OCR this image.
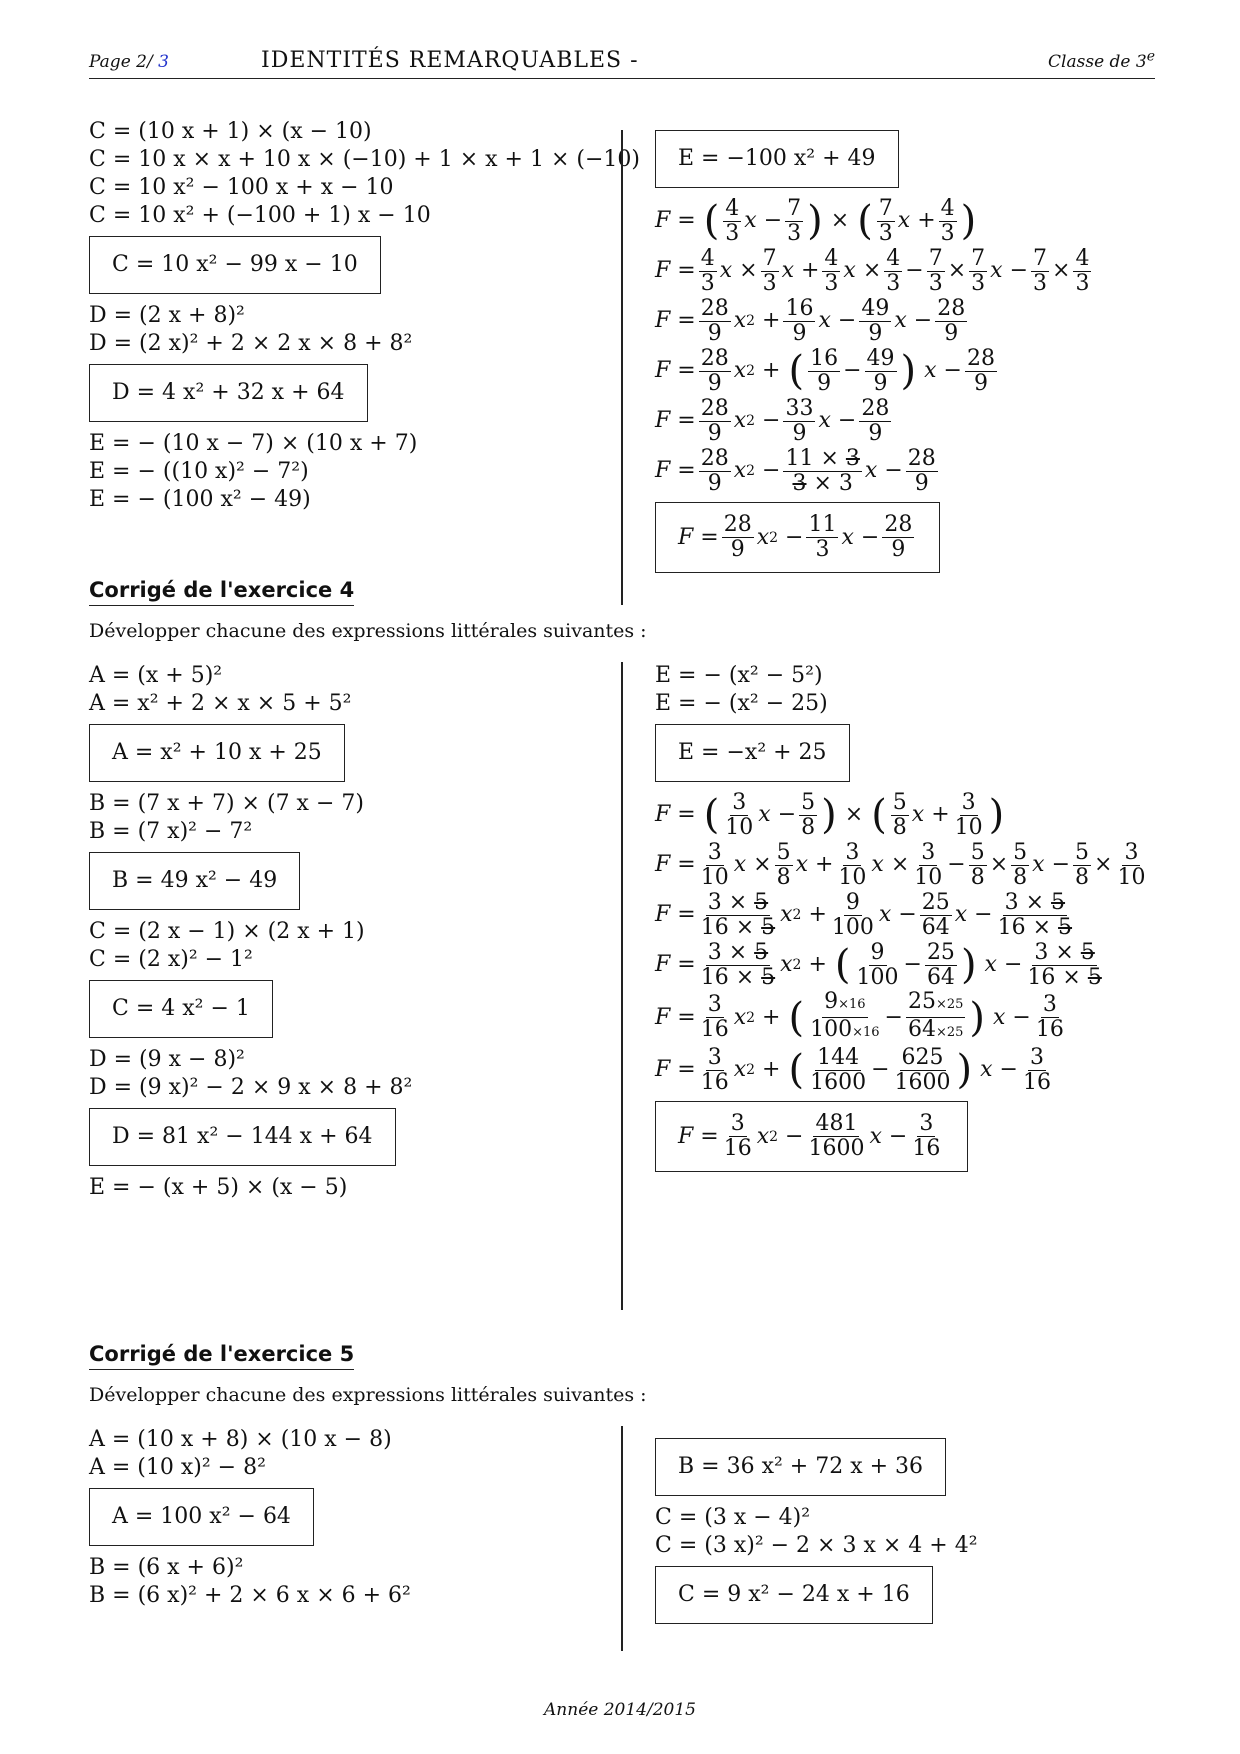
Page 2/ 3	IDENTITÉS REMARQUABLES -	Classe de 3e
C = (10 x + 1) × (x − 10)
C = 10 x × x + 10 x × (−10) + 1 × x + 1 × (−10)
C = 10 x² − 100 x + x − 10
C = 10 x² + (−100 + 1) x − 10
C = 10 x² − 99 x − 10
D = (2 x + 8)²
D = (2 x)² + 2 × 2 x × 8 + 8²
D = 4 x² + 32 x + 64
E = − (10 x − 7) × (10 x + 7)
E = − ((10 x)² − 7²)
E = − (100 x² − 49)
E = −100 x² + 49
F = ( $\frac{4}{3}$ $x - \frac{7}{3}$ ) × ( $\frac{7}{3}$ $x + \frac{4}{3}$ )
$F = \frac{4}{3}$ $x \times \frac{7}{3}$ $x + \frac{4}{3}$ $x \times \frac{4}{3} - \frac{7}{3} \times \frac{7}{3}$ $x - \frac{7}{3} \times \frac{4}{3}$
$F = \frac{28}{9}$ x $2 + \frac{16}{9}$ $x - \frac{49}{9}$ $x - \frac{28}{9}$
$F = \frac{28}{9}$ x 2 + ( $\frac{16}{9} - \frac{49}{9}$ )
$x - \frac{28}{9}$
$F = \frac{28}{9}$ x $2 - \frac{33}{9}$ $x - \frac{28}{9}$
$F = \frac{28}{9}$ x $2 - \frac{11 \times 3}{3 \times 3}$ $x - \frac{28}{9}$
$F = \frac{28}{9}$ x $2 - \frac{11}{3}$ $x - \frac{28}{9}$
Corrigé de l'exercice 4
Développer chacune des expressions littérales suivantes :
A = (x + 5)²
A = x² + 2 × x × 5 + 5²
A = x² + 10 x + 25
B = (7 x + 7) × (7 x − 7)
B = (7 x)² − 7²
B = 49 x² − 49
C = (2 x − 1) × (2 x + 1)
C = (2 x)² − 1²
C = 4 x² − 1
D = (9 x − 8)²
D = (9 x)² − 2 × 9 x × 8 + 8²
D = 81 x² − 144 x + 64
E = − (x + 5) × (x − 5)
E = − (x² − 5²)
E = − (x² − 25)
E = −x² + 25
F = ( $\frac{3}{10}$ $x - \frac{5}{8}$ ) × ( $\frac{5}{8}$ $x + \frac{3}{10}$ )
$F = \frac{3}{10}$ $x \times \frac{5}{8}$ $x + \frac{3}{10}$ $x \times \frac{3}{10} - \frac{5}{8} \times \frac{5}{8}$ $x - \frac{5}{8} \times \frac{3}{10}$
$F = \frac{3 \times 5}{16 \times 5}$ x $2 + \frac{9}{100}$ $x - \frac{25}{64}$ $x - \frac{3 \times 5}{16 \times 5}$
$F = \frac{3 \times 5}{16 \times 5}$ x 2 + ( $\frac{9}{100} - \frac{25}{64}$ )
$x - \frac{3 \times 5}{16 \times 5}$
$F = \frac{3}{16}$ x 2 + ( $\frac{9\times 16}{100\times 16} - \frac{25\times 25}{64\times 25}$ )
$x - \frac{3}{16}$
$F = \frac{3}{16}$ x 2 + ( $\frac{144}{1600} - \frac{625}{1600}$ )
$x - \frac{3}{16}$
$F = \frac{3}{16}$ x $2 - \frac{481}{1600}$ $x - \frac{3}{16}$
Corrigé de l'exercice 5
Développer chacune des expressions littérales suivantes :
A = (10 x + 8) × (10 x − 8)
A = (10 x)² − 8²
A = 100 x² − 64
B = (6 x + 6)²
B = (6 x)² + 2 × 6 x × 6 + 6²
B = 36 x² + 72 x + 36
C = (3 x − 4)²
C = (3 x)² − 2 × 3 x × 4 + 4²
C = 9 x² − 24 x + 16
Année 2014/2015
